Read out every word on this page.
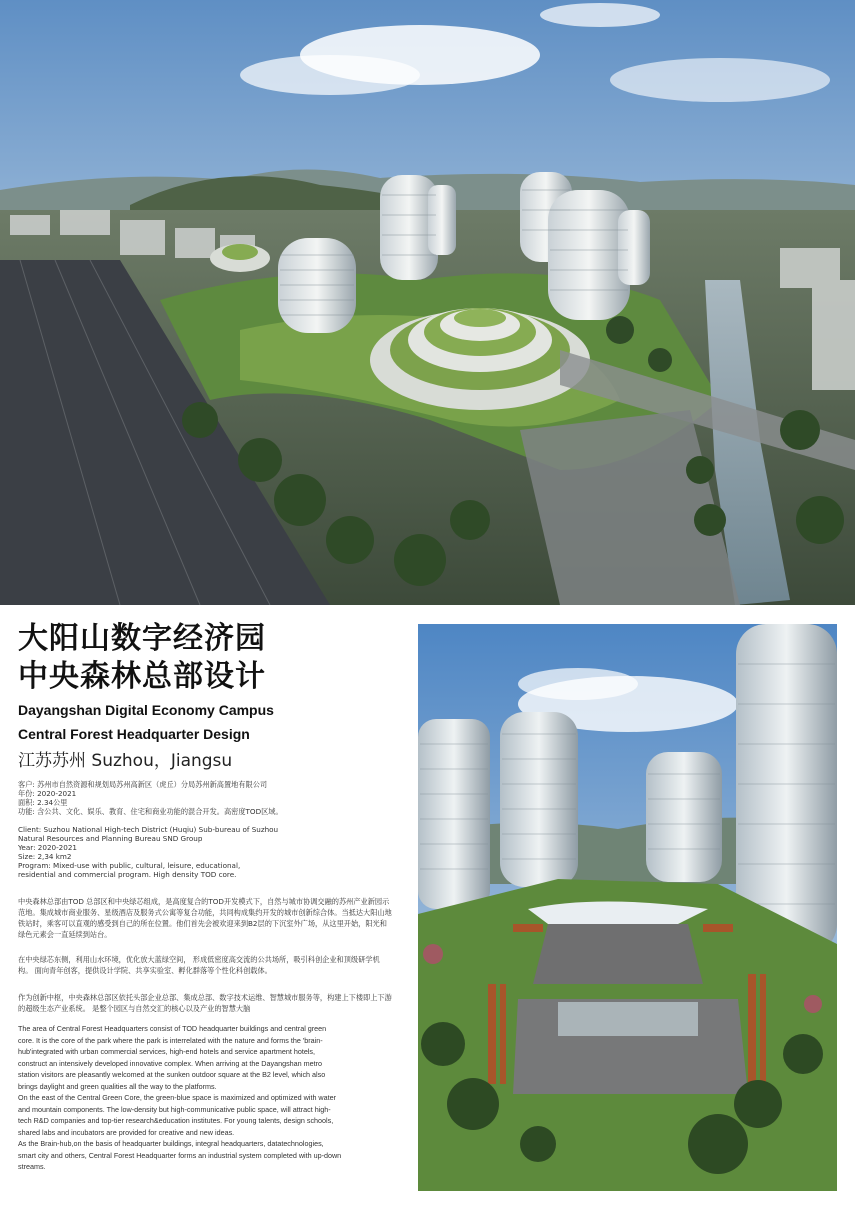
大阳山数字经济园
中央森林总部设计
Dayangshan Digital Economy Campus
Central Forest Headquarter Design
江苏苏州 Suzhou，Jiangsu
客户: 苏州市自然资源和规划局苏州高新区（虎丘）分局苏州新高置地有限公司
年份: 2020-2021
面积: 2.34公里
功能: 含公共、文化、娱乐、教育、住宅和商业功能的混合开发。高密度TOD区域。
Client: Suzhou National High-tech District (Huqiu) Sub-bureau of Suzhou
Natural Resources and Planning Bureau SND Group
Year: 2020-2021
Size: 2,34 km2
Program: Mixed-use with public, cultural, leisure, educational,
residential and commercial program. High density TOD core.
中央森林总部由TOD 总部区和中央绿芯组成，是高度复合的TOD开发模式下，自然与城市协调交融的苏州产业新园示范地。集成城市商业服务、星级酒店及服务式公寓等复合功能，共同构成集约开发的城市创新综合体。当抵达大阳山地铁站时，乘客可以直观的感受到自己的所在位置。他们首先会被欢迎来到B2层的下沉室外广场，从这里开始，阳光和绿色元素会一直延续到站台。
在中央绿芯东侧，利用山水环境，优化放大蓝绿空间， 形成低密度高交流的公共场所，吸引科创企业和顶级研学机构。 面向青年创客，提供设计学院、共享实验室、孵化群落等个性化科创载体。
作为创新中枢，中央森林总部区依托头部企业总部、集成总部、数字技术运维、智慧城市服务等，构建上下楼即上下游的超级生态产业系统。 是整个园区与自然交汇的核心以及产业的智慧大脑
The area of Central Forest Headquarters consist of TOD headquarter buildings and central green
core. It is the core of the park where the park is interrelated with the nature and forms the 'brain-
hub'integrated with urban commercial services, high-end hotels and service apartment hotels,
construct an intensively developed innovative complex. When arriving at the Dayangshan metro
station visitors are pleasantly welcomed at the sunken outdoor square at the B2 level, which also
brings daylight and green qualities all the way to the platforms.
On the east of the Central Green Core, the green-blue space is maximized and optimized with water
and mountain components. The low-density but high-communicative public space, will attract high-
tech R&D companies and top-tier research&education institutes. For young talents, design schools,
shared labs and incubators are provided for creative and new ideas.
As the Brain-hub,on the basis of headquarter buildings, integral headquarters, datatechnologies,
smart city and others, Central Forest Headquarter forms an industrial system completed with up-down
streams.
